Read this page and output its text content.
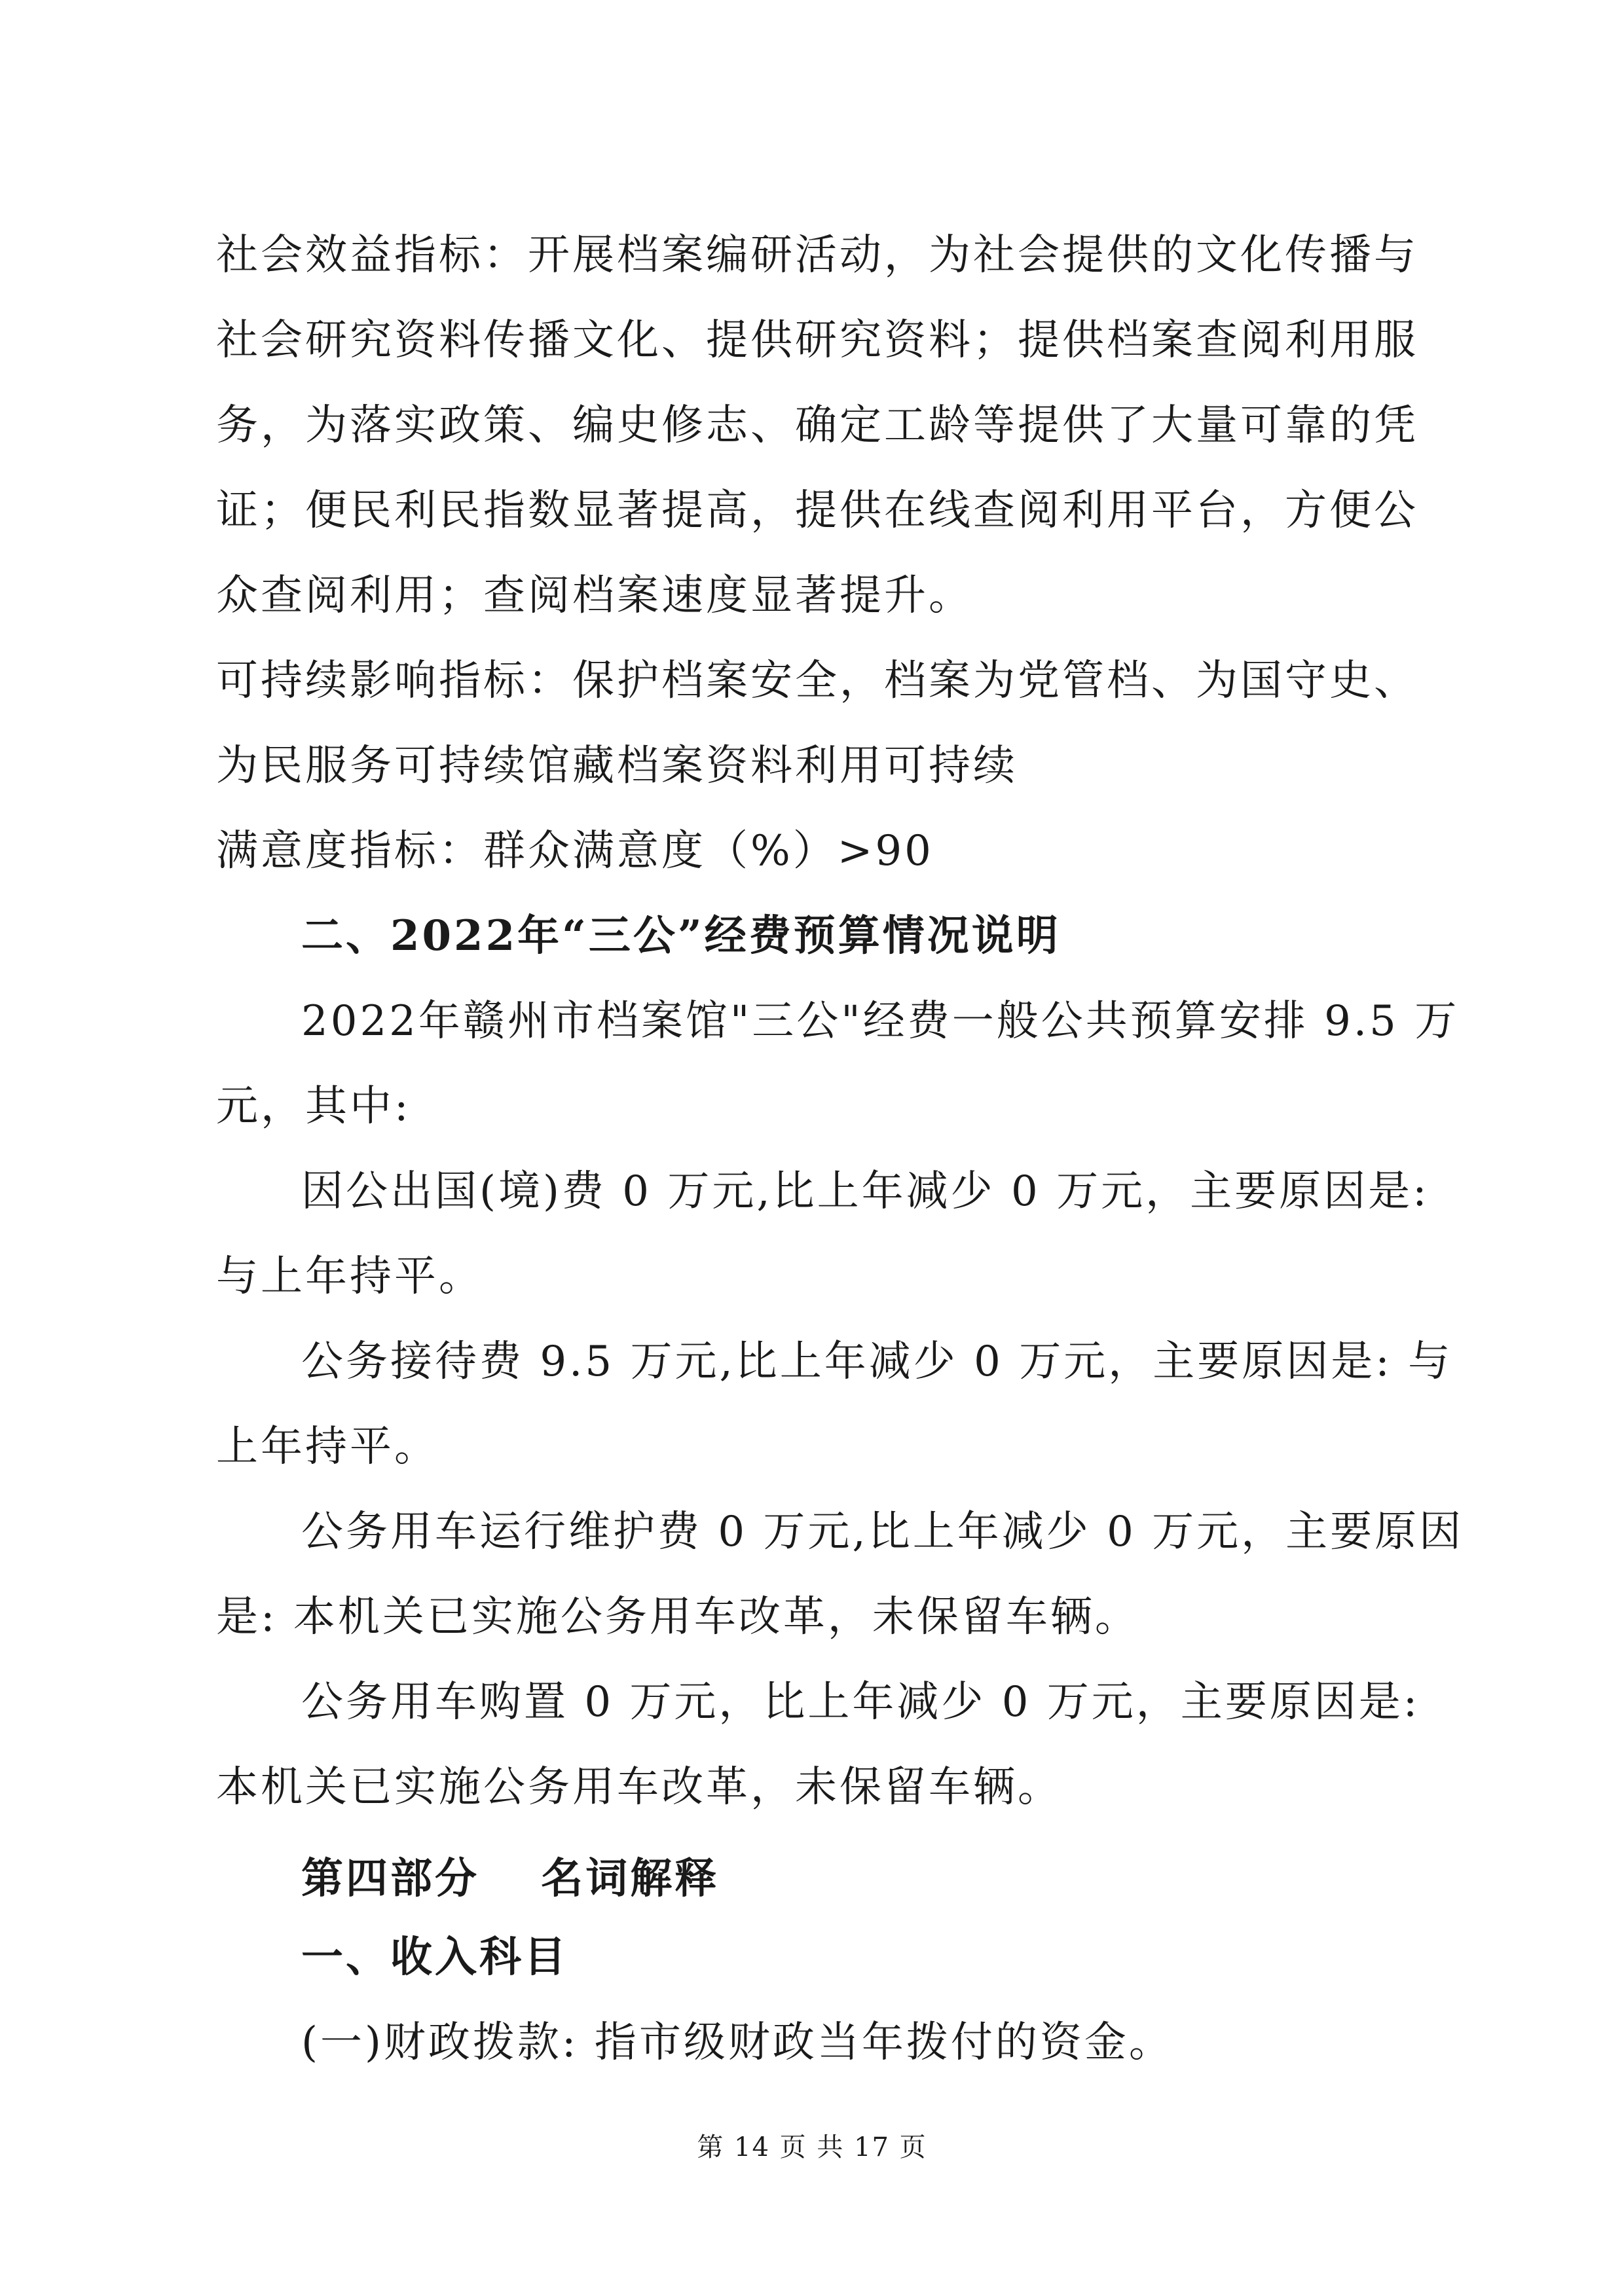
社会效益指标：开展档案编研活动，为社会提供的文化传播与
社会研究资料传播文化、提供研究资料；提供档案查阅利用服
务，为落实政策、编史修志、确定工龄等提供了大量可靠的凭
证；便民利民指数显著提高，提供在线查阅利用平台，方便公
众查阅利用；查阅档案速度显著提升。
可持续影响指标：保护档案安全，档案为党管档、为国守史、
为民服务可持续馆藏档案资料利用可持续
满意度指标：群众满意度（%）>90
二、2022年“三公”经费预算情况说明
2022年赣州市档案馆"三公"经费一般公共预算安排 9.5 万
元，其中:
因公出国(境)费 0 万元,比上年减少 0 万元，主要原因是:
与上年持平。
公务接待费 9.5 万元,比上年减少 0 万元，主要原因是: 与
上年持平。
公务用车运行维护费 0 万元,比上年减少 0 万元，主要原因
是: 本机关已实施公务用车改革，未保留车辆。
公务用车购置 0 万元，比上年减少 0 万元，主要原因是:
本机关已实施公务用车改革，未保留车辆。
第四部分　 名词解释
一、收入科目
(一)财政拨款: 指市级财政当年拨付的资金。
第 14 页 共 17 页
